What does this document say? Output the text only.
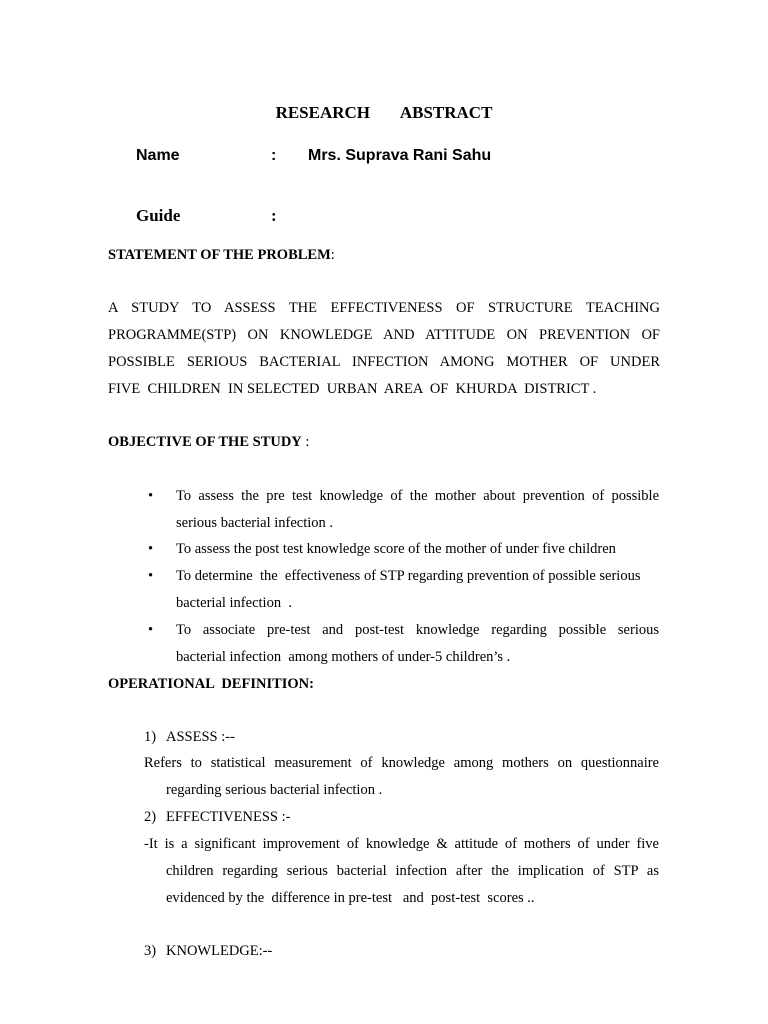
RESEARCH   ABSTRACT
Name	: Mrs. Suprava Rani Sahu
Guide	:
STATEMENT OF THE PROBLEM:
A STUDY TO ASSESS THE EFFECTIVENESS OF STRUCTURE TEACHING
PROGRAMME(STP) ON KNOWLEDGE AND ATTITUDE ON PREVENTION OF
POSSIBLE SERIOUS BACTERIAL INFECTION AMONG MOTHER OF UNDER
FIVE  CHILDREN  IN SELECTED  URBAN  AREA  OF  KHURDA  DISTRICT .
OBJECTIVE OF THE STUDY :
• To assess the pre test knowledge of the mother about prevention of possible
serious bacterial infection .
• To assess the post test knowledge score of the mother of under five children
• To determine  the  effectiveness of STP regarding prevention of possible serious
bacterial infection  .
• To associate pre-test and post-test knowledge regarding possible serious
bacterial infection  among mothers of under-5 children’s .
OPERATIONAL  DEFINITION:
1) ASSESS :--
Refers to statistical measurement of knowledge among mothers on questionnaire
regarding serious bacterial infection .
2) EFFECTIVENESS :-
-It is a significant improvement of knowledge & attitude of mothers of under five
children regarding serious bacterial infection after the implication of STP as
evidenced by the  difference in pre-test   and  post-test  scores ..
3) KNOWLEDGE:--
